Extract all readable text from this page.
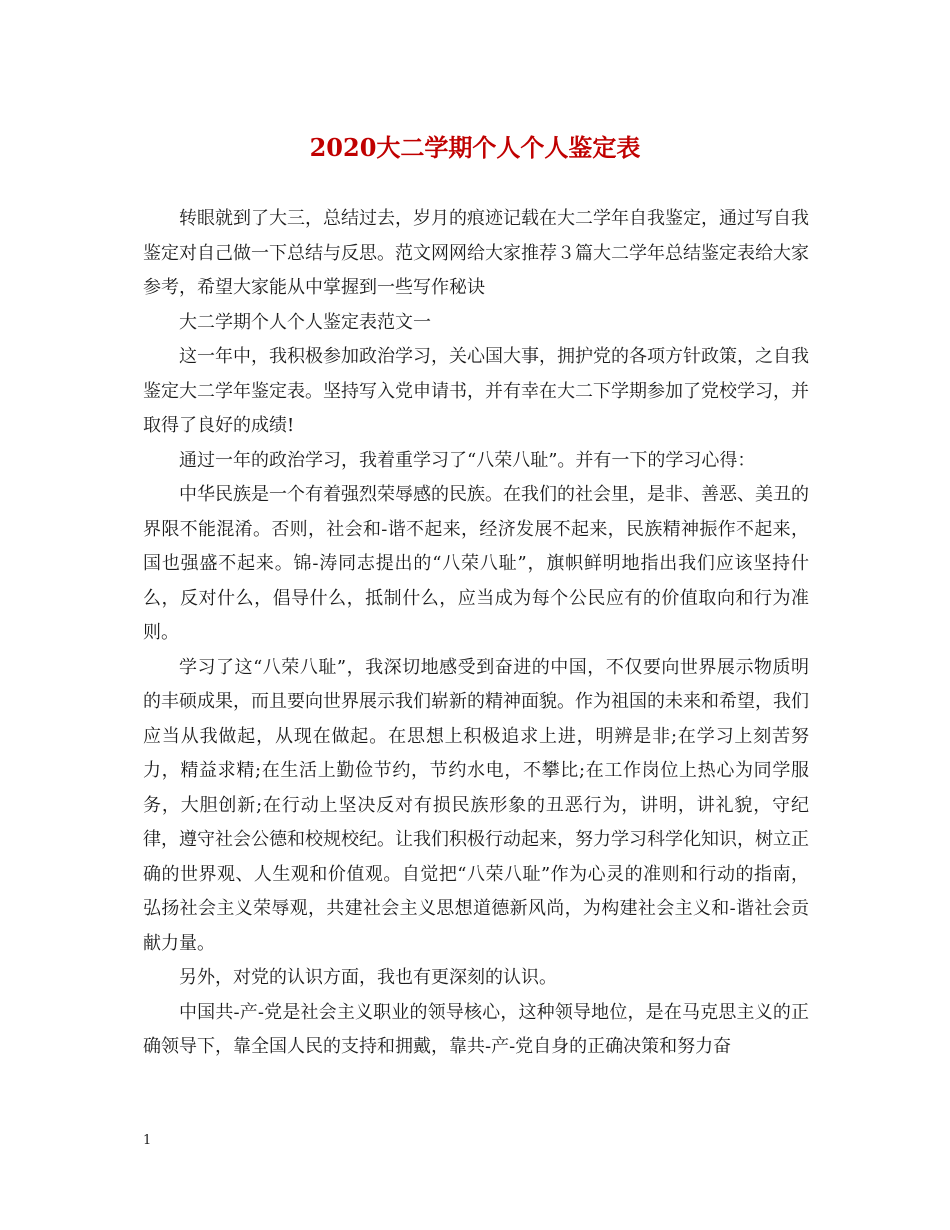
2020大二学期个人个人鉴定表

转眼就到了大三，总结过去，岁月的痕迹记载在大二学年自我鉴定，通过写自我鉴定对自己做一下总结与反思。范文网网给大家推荐３篇大二学年总结鉴定表给大家参考，希望大家能从中掌握到一些写作秘诀

大二学期个人个人鉴定表范文一

这一年中，我积极参加政治学习，关心国大事，拥护党的各项方针政策，之自我鉴定大二学年鉴定表。坚持写入党申请书，并有幸在大二下学期参加了党校学习，并取得了良好的成绩!

通过一年的政治学习，我着重学习了“八荣八耻”。并有一下的学习心得：

中华民族是一个有着强烈荣辱感的民族。在我们的社会里，是非、善恶、美丑的界限不能混淆。否则，社会和-谐不起来，经济发展不起来，民族精神振作不起来，国也强盛不起来。锦-涛同志提出的“八荣八耻”，旗帜鲜明地指出我们应该坚持什么，反对什么，倡导什么，抵制什么，应当成为每个公民应有的价值取向和行为准则。

学习了这“八荣八耻”，我深切地感受到奋进的中国，不仅要向世界展示物质明的丰硕成果，而且要向世界展示我们崭新的精神面貌。作为祖国的未来和希望，我们应当从我做起，从现在做起。在思想上积极追求上进，明辨是非;在学习上刻苦努力，精益求精;在生活上勤俭节约，节约水电，不攀比;在工作岗位上热心为同学服务，大胆创新;在行动上坚决反对有损民族形象的丑恶行为，讲明，讲礼貌，守纪律，遵守社会公德和校规校纪。让我们积极行动起来，努力学习科学化知识，树立正确的世界观、人生观和价值观。自觉把“八荣八耻”作为心灵的准则和行动的指南，弘扬社会主义荣辱观，共建社会主义思想道德新风尚，为构建社会主义和-谐社会贡献力量。

另外，对党的认识方面，我也有更深刻的认识。

中国共-产-党是社会主义职业的领导核心，这种领导地位，是在马克思主义的正确领导下，靠全国人民的支持和拥戴，靠共-产-党自身的正确决策和努力奋

1
